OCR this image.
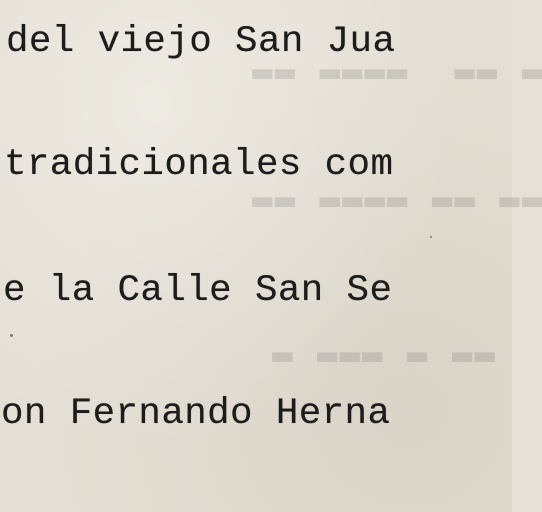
▬ ▬▬  ▬▬▬▬ ▬▬
▬▬ ▬▬ ▬▬▬▬ ▬▬
▬▬ ▬ ▬▬▬ ▬
del viejo San Jua
tradicionales com
e la Calle San Se
on Fernando Herna
